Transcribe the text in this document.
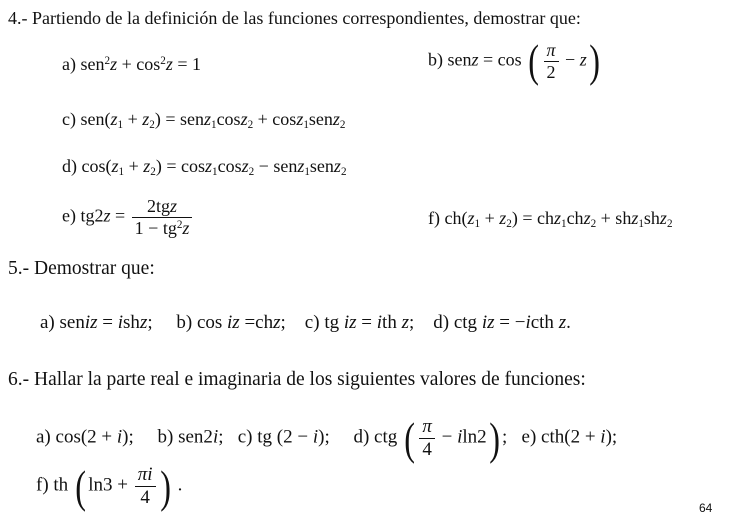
4.- Partiendo de la definición de las funciones correspondientes, demostrar que:
a) $sen^2z + \cos^2z = 1$	b) senz = cos ( $\frac{\pi}{2} - z$)
c) $sen(z_1 + z_2)$ = senz$_1$cosz$_2$ + cosz$_1$senz$_2$
d) $\cos(z_1 + z_2) = \cos z_1\cos z_2$ − senz$_1$senz$_2$
e) $tg2z = \frac{\text{2tgz}}{1 - tg^2z}$	f) $ch(z_1 + z_2) = chz_1chz_2 + shz_1shz_2$
5.- Demostrar que:
a) seniz = ishz;     b) cos iz =chz;    c) tg iz = ith z;    d) ctg iz = −icth z.
6.- Hallar la parte real e imaginaria de los siguientes valores de funciones:
a) cos(2 + i);     b) sen2i;   c) tg (2 − i);     d) ctg ( $\frac{\pi}{4} - iln2$) ;   e) cth(2 + i);
f) th ( $\ln 3 + \frac{\pi i}{4}$ ) .
64
